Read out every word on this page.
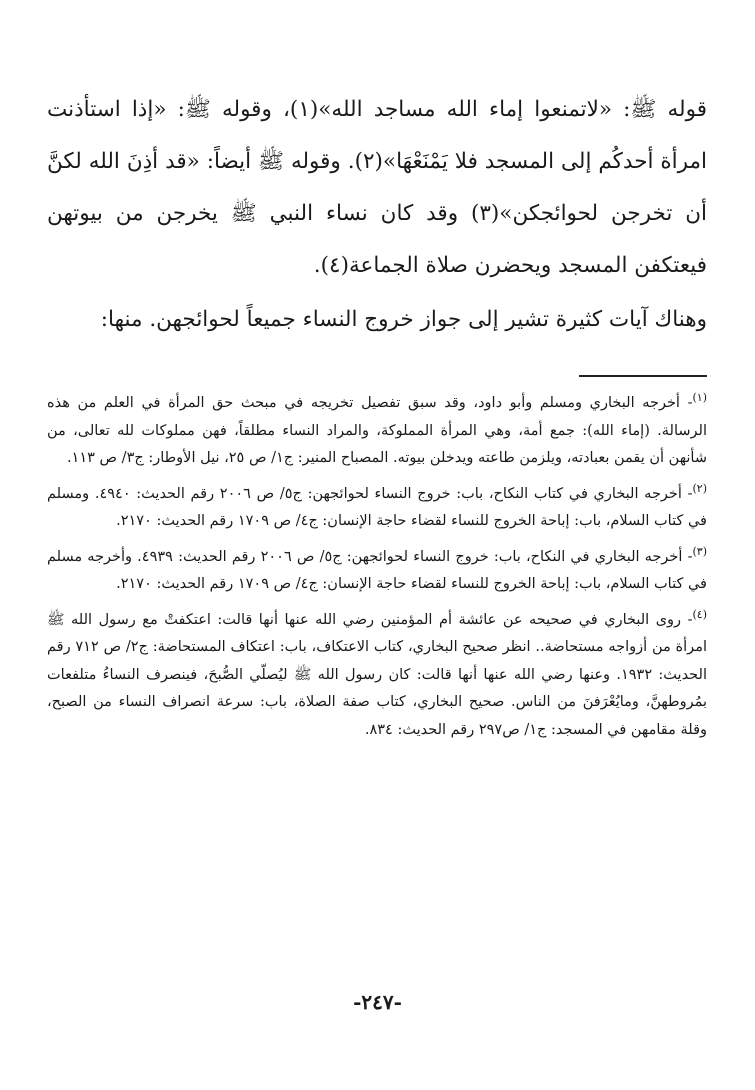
قوله ﷺ: «لاتمنعوا إماء الله مساجد الله»(١)، وقوله ﷺ: «إذا استأذنت امرأة أحدكُم إلى المسجد فلا يَمْنَعْهَا»(٢). وقوله ﷺ أيضاً: «قد أذِنَ الله لكنَّ أن تخرجن لحوائجكن»(٣) وقد كان نساء النبي ﷺ يخرجن من بيوتهن فيعتكفن المسجد ويحضرن صلاة الجماعة(٤).

وهناك آيات كثيرة تشير إلى جواز خروج النساء جميعاً لحوائجهن. منها:

$^{(١)}$- أخرجه البخاري ومسلم وأبو داود، وقد سبق تفصيل تخريجه في مبحث حق المرأة في العلم من هذه الرسالة. (إماء الله): جمع أمة، وهي المرأة المملوكة، والمراد النساء مطلقاً، فهن مملوكات لله تعالى، من شأنهن أن يقمن بعبادته، ويلزمن طاعته ويدخلن بيوته. المصباح المنير: ج١/ ص ٢٥، نيل الأوطار: ج٣/ ص ١١٣.

$^{(٢)}$- أخرجه البخاري في كتاب النكاح، باب: خروج النساء لحوائجهن: ج٥/ ص ٢٠٠٦ رقم الحديث: ٤٩٤٠. ومسلم في كتاب السلام، باب: إباحة الخروج للنساء لقضاء حاجة الإنسان: ج٤/ ص ١٧٠٩ رقم الحديث: ٢١٧٠.

$^{(٣)}$- أخرجه البخاري في النكاح، باب: خروج النساء لحوائجهن: ج٥/ ص ٢٠٠٦ رقم الحديث: ٤٩٣٩. وأخرجه مسلم في كتاب السلام، باب: إباحة الخروج للنساء لقضاء حاجة الإنسان: ج٤/ ص ١٧٠٩ رقم الحديث: ٢١٧٠.

$^{(٤)}$- روى البخاري في صحيحه عن عائشة أم المؤمنين رضي الله عنها أنها قالت: اعتكفتْ مع رسول الله ﷺ امرأة من أزواجه مستحاضة.. انظر صحيح البخاري، كتاب الاعتكاف، باب: اعتكاف المستحاضة: ج٢/ ص ٧١٢ رقم الحديث: ١٩٣٢. وعنها رضي الله عنها أنها قالت: كان رسول الله ﷺ ليُصلّي الصُّبحَ، فينصرف النساءُ متلفعات بمُروطهنَّ، ومايُعْرَفنَ من الناس. صحيح البخاري، كتاب صفة الصلاة، باب: سرعة انصراف النساء من الصبح، وقلة مقامهن في المسجد: ج١/ ص٢٩٧ رقم الحديث: ٨٣٤.

-٢٤٧-
